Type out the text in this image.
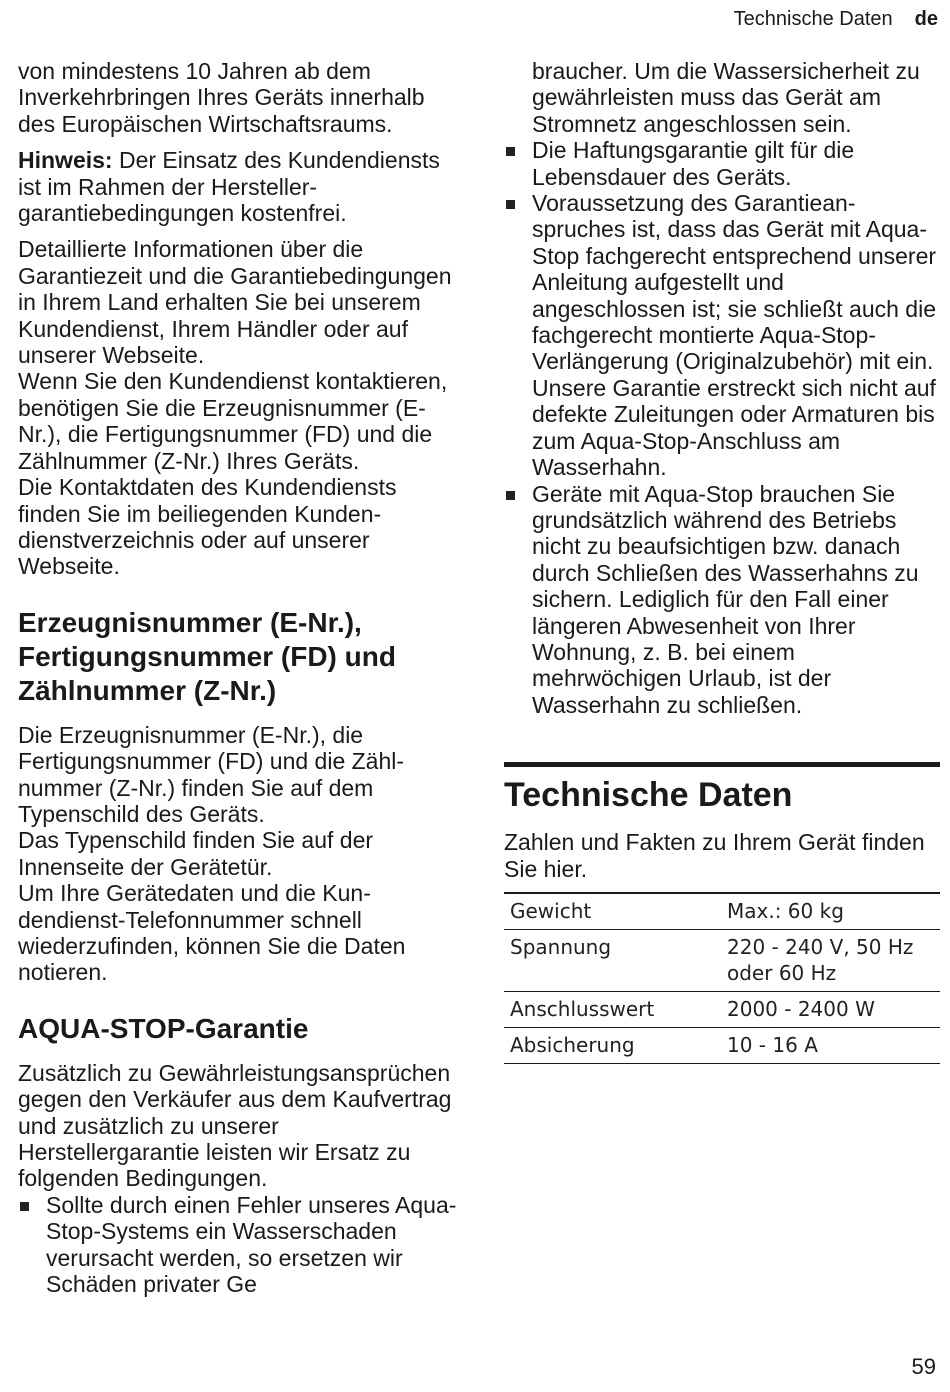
Technische Daten de

von mindestens 10 Jahren ab dem Inverkehrbringen Ihres Geräts innerhalb des Europäischen Wirtschaftsraums.

Hinweis: Der Einsatz des Kundendiensts ist im Rahmen der Herstellergarantiebedingungen kostenfrei.

Detaillierte Informationen über die Garantiezeit und die Garantiebedingungen in Ihrem Land erhalten Sie bei unserem Kundendienst, Ihrem Händler oder auf unserer Webseite.

Wenn Sie den Kundendienst kontaktieren, benötigen Sie die Erzeugnisnummer (E-Nr.), die Fertigungsnummer (FD) und die Zählnummer (Z-Nr.) Ihres Geräts.

Die Kontaktdaten des Kundendiensts finden Sie im beiliegenden Kundendienstverzeichnis oder auf unserer Webseite.

Erzeugnisnummer (E-Nr.), Fertigungsnummer (FD) und Zählnummer (Z-Nr.)

Die Erzeugnisnummer (E-Nr.), die Fertigungsnummer (FD) und die Zählnummer (Z-Nr.) finden Sie auf dem Typenschild des Geräts.

Das Typenschild finden Sie auf der Innenseite der Gerätetür.

Um Ihre Gerätedaten und die Kundendienst-Telefonnummer schnell wiederzufinden, können Sie die Daten notieren.

AQUA-STOP-Garantie

Zusätzlich zu Gewährleistungsansprüchen gegen den Verkäufer aus dem Kaufvertrag und zusätzlich zu unserer Herstellergarantie leisten wir Ersatz zu folgenden Bedingungen.

Sollte durch einen Fehler unseres Aqua-Stop-Systems ein Wasserschaden verursacht werden, so ersetzen wir Schäden privater Ge

braucher. Um die Wassersicherheit zu gewährleisten muss das Gerät am Stromnetz angeschlossen sein.

Die Haftungsgarantie gilt für die Lebensdauer des Geräts.
Voraussetzung des Garantieanspruches ist, dass das Gerät mit Aqua-Stop fachgerecht entsprechend unserer Anleitung aufgestellt und angeschlossen ist; sie schließt auch die fachgerecht montierte Aqua-Stop-Verlängerung (Originalzubehör) mit ein. Unsere Garantie erstreckt sich nicht auf defekte Zuleitungen oder Armaturen bis zum Aqua-Stop-Anschluss am Wasserhahn.
Geräte mit Aqua-Stop brauchen Sie grundsätzlich während des Betriebs nicht zu beaufsichtigen bzw. danach durch Schließen des Wasserhahns zu sichern. Lediglich für den Fall einer längeren Abwesenheit von Ihrer Wohnung, z. B. bei einem mehrwöchigen Urlaub, ist der Wasserhahn zu schließen.
Technische Daten

Zahlen und Fakten zu Ihrem Gerät finden Sie hier.

Gewicht	Max.: 60 kg
Spannung	220 - 240 V, 50 Hz oder 60 Hz
Anschlusswert	2000 - 2400 W
Absicherung	10 - 16 A
59
